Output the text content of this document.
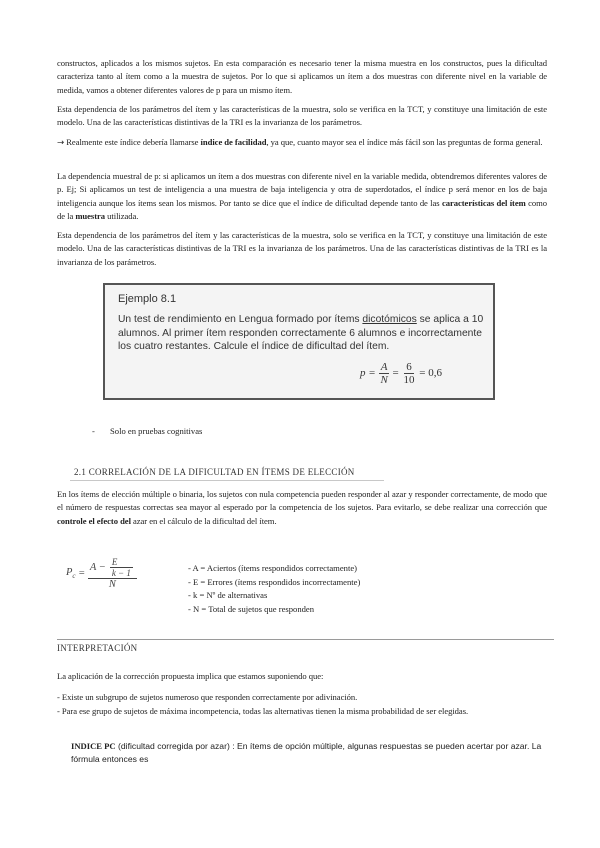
constructos, aplicados a los mismos sujetos. En esta comparación es necesario tener la misma muestra en los constructos, pues la dificultad caracteriza tanto al ítem como a la muestra de sujetos. Por lo que si aplicamos un ítem a dos muestras con diferente nivel en la variable de medida, vamos a obtener diferentes valores de p para un mismo ítem.
Esta dependencia de los parámetros del ítem y las características de la muestra, solo se verifica en la TCT, y constituye una limitación de este modelo. Una de las características distintivas de la TRI es la invarianza de los parámetros.
→ Realmente este índice debería llamarse índice de facilidad, ya que, cuanto mayor sea el índice más fácil son las preguntas de forma general.
La dependencia muestral de p: si aplicamos un ítem a dos muestras con diferente nivel en la variable medida, obtendremos diferentes valores de p. Ej; Si aplicamos un test de inteligencia a una muestra de baja inteligencia y otra de superdotados, el índice p será menor en los de baja inteligencia aunque los ítems sean los mismos. Por tanto se dice que el índice de dificultad depende tanto de las características del ítem como de la muestra utilizada.
Esta dependencia de los parámetros del ítem y las características de la muestra, solo se verifica en la TCT, y constituye una limitación de este modelo. Una de las características distintivas de la TRI es la invarianza de los parámetros. Una de las características distintivas de la TRI es la invarianza de los parámetros.
Ejemplo 8.1
Un test de rendimiento en Lengua formado por ítems dicotómicos se aplica a 10 alumnos. Al primer ítem responden correctamente 6 alumnos e incorrectamente los cuatro restantes. Calcule el índice de dificultad del ítem.
$p = \frac{A}{N} = \frac{6}{10} = 0,6$
- Solo en pruebas cognitivas
2.1 CORRELACIÓN DE LA DIFICULTAD EN ÍTEMS DE ELECCIÓN
En los ítems de elección múltiple o binaria, los sujetos con nula competencia pueden responder al azar y responder correctamente, de modo que el número de respuestas correctas sea mayor al esperado por la competencia de los sujetos. Para evitarlo, se debe realizar una corrección que controle el efecto del azar en el cálculo de la dificultad del ítem.
$P_c = \frac{A - \frac{E}{k - 1}}{N}$	- A = Aciertos (ítems respondidos correctamente)
- E = Errores (ítems respondidos incorrectamente)
- k = Nº de alternativas
- N = Total de sujetos que responden
INTERPRETACIÓN
La aplicación de la corrección propuesta implica que estamos suponiendo que:
- Existe un subgrupo de sujetos numeroso que responden correctamente por adivinación.
- Para ese grupo de sujetos de máxima incompetencia, todas las alternativas tienen la misma probabilidad de ser elegidas.
INDICE PC (dificultad corregida por azar) : En ítems de opción múltiple, algunas respuestas se pueden acertar por azar. La fórmula entonces es
